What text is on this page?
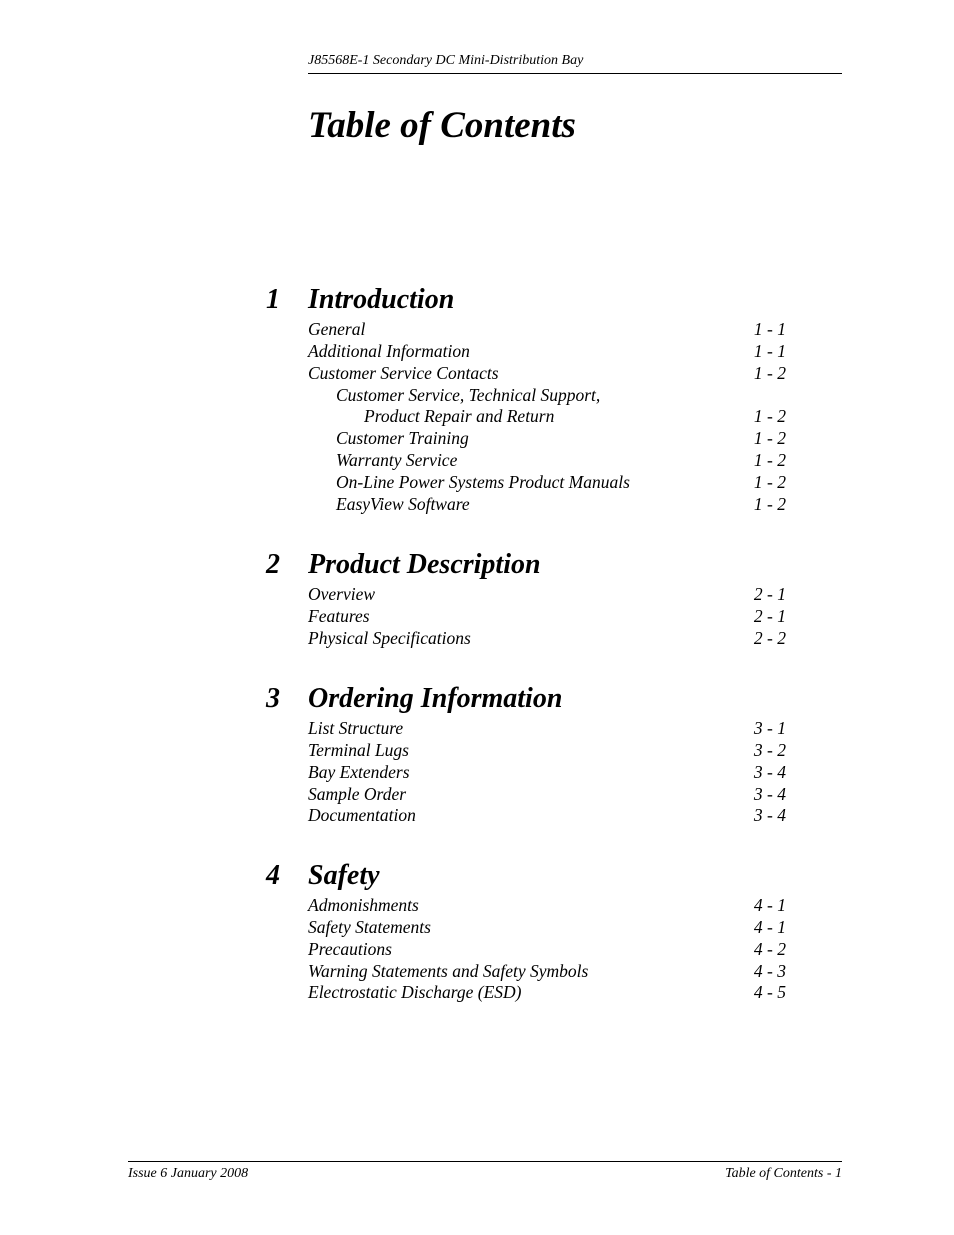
J85568E-1 Secondary DC Mini-Distribution Bay
Table of Contents
1	Introduction
General	1 - 1
Additional Information	1 - 1
Customer Service Contacts	1 - 2
Customer Service, Technical Support,
Product Repair and Return	1 - 2
Customer Training	1 - 2
Warranty Service	1 - 2
On-Line Power Systems Product Manuals	1 - 2
EasyView Software	1 - 2
2	Product Description
Overview	2 - 1
Features	2 - 1
Physical Specifications	2 - 2
3	Ordering Information
List Structure	3 - 1
Terminal Lugs	3 - 2
Bay Extenders	3 - 4
Sample Order	3 - 4
Documentation	3 - 4
4	Safety
Admonishments	4 - 1
Safety Statements	4 - 1
Precautions	4 - 2
Warning Statements and Safety Symbols	4 - 3
Electrostatic Discharge (ESD)	4 - 5
Issue 6 January 2008	Table of Contents - 1
